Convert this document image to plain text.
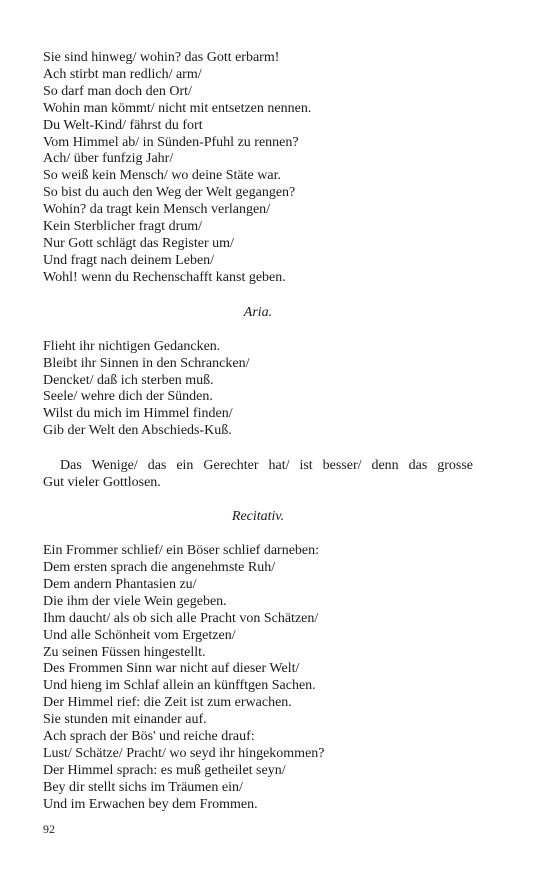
Sie sind hinweg/ wohin? das Gott erbarm!
Ach stirbt man redlich/ arm/
So darf man doch den Ort/
Wohin man kömmt/ nicht mit entsetzen nennen.
Du Welt-Kind/ fährst du fort
Vom Himmel ab/ in Sünden-Pfuhl zu rennen?
Ach/ über funfzig Jahr/
So weiß kein Mensch/ wo deine Stäte war.
So bist du auch den Weg der Welt gegangen?
Wohin? da tragt kein Mensch verlangen/
Kein Sterblicher fragt drum/
Nur Gott schlägt das Register um/
Und fragt nach deinem Leben/
Wohl! wenn du Rechenschafft kanst geben.
Aria.
Flieht ihr nichtigen Gedancken.
Bleibt ihr Sinnen in den Schrancken/
Dencket/ daß ich sterben muß.
Seele/ wehre dich der Sünden.
Wilst du mich im Himmel finden/
Gib der Welt den Abschieds-Kuß.
Das Wenige/ das ein Gerechter hat/ ist besser/ denn das grosse
Gut vieler Gottlosen.
Recitativ.
Ein Frommer schlief/ ein Böser schlief darneben:
Dem ersten sprach die angenehmste Ruh/
Dem andern Phantasien zu/
Die ihm der viele Wein gegeben.
Ihm daucht/ als ob sich alle Pracht von Schätzen/
Und alle Schönheit vom Ergetzen/
Zu seinen Füssen hingestellt.
Des Frommen Sinn war nicht auf dieser Welt/
Und hieng im Schlaf allein an künfftgen Sachen.
Der Himmel rief: die Zeit ist zum erwachen.
Sie stunden mit einander auf.
Ach sprach der Bös' und reiche drauf:
Lust/ Schätze/ Pracht/ wo seyd ihr hingekommen?
Der Himmel sprach: es muß getheilet seyn/
Bey dir stellt sichs im Träumen ein/
Und im Erwachen bey dem Frommen.
92
